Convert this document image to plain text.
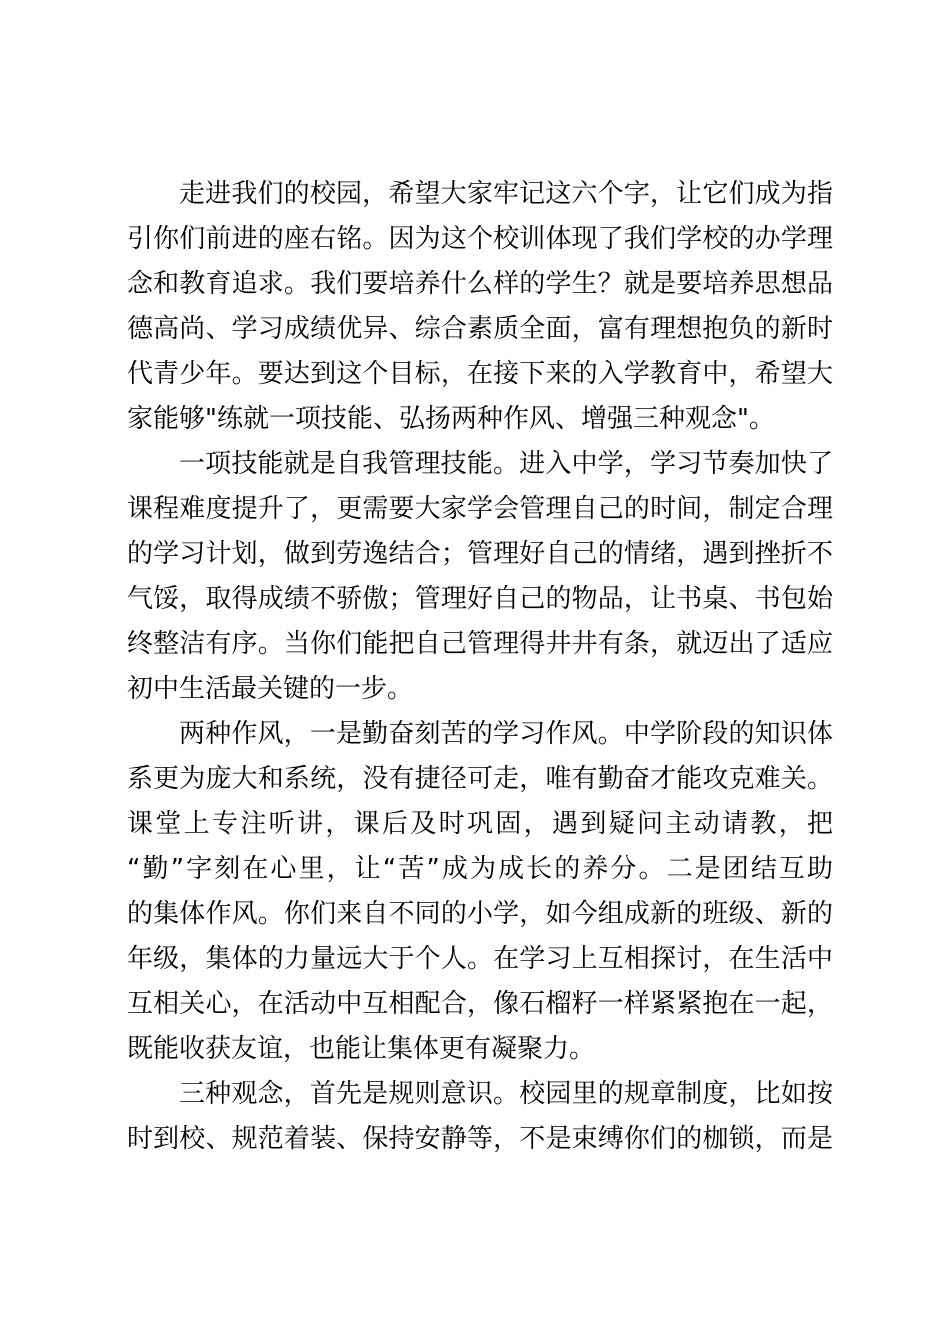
走进我们的校园，希望大家牢记这六个字，让它们成为指
引你们前进的座右铭。因为这个校训体现了我们学校的办学理
念和教育追求。我们要培养什么样的学生？就是要培养思想品
德高尚、学习成绩优异、综合素质全面，富有理想抱负的新时
代青少年。要达到这个目标，在接下来的入学教育中，希望大
家能够"练就一项技能、弘扬两种作风、增强三种观念"。
一项技能就是自我管理技能。进入中学，学习节奏加快了
课程难度提升了，更需要大家学会管理自己的时间，制定合理
的学习计划，做到劳逸结合；管理好自己的情绪，遇到挫折不
气馁，取得成绩不骄傲；管理好自己的物品，让书桌、书包始
终整洁有序。当你们能把自己管理得井井有条，就迈出了适应
初中生活最关键的一步。
两种作风，一是勤奋刻苦的学习作风。中学阶段的知识体
系更为庞大和系统，没有捷径可走，唯有勤奋才能攻克难关。
课堂上专注听讲，课后及时巩固，遇到疑问主动请教，把
“勤”字刻在心里，让“苦”成为成长的养分。二是团结互助
的集体作风。你们来自不同的小学，如今组成新的班级、新的
年级，集体的力量远大于个人。在学习上互相探讨，在生活中
互相关心，在活动中互相配合，像石榴籽一样紧紧抱在一起，
既能收获友谊，也能让集体更有凝聚力。
三种观念，首先是规则意识。校园里的规章制度，比如按
时到校、规范着装、保持安静等，不是束缚你们的枷锁，而是
